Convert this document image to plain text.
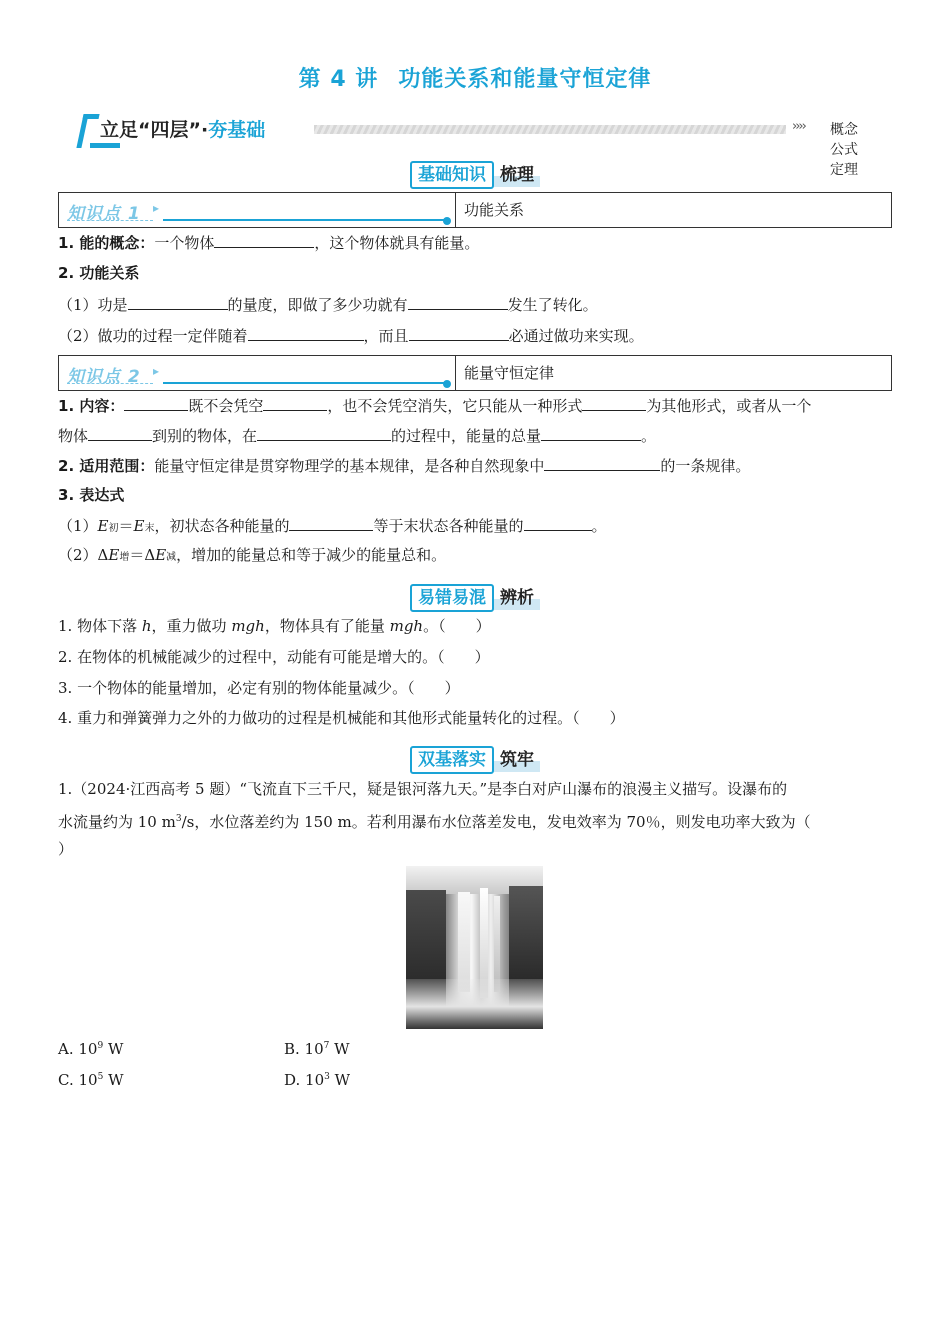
第 4 讲 功能关系和能量守恒定律
立足“四层”·夯基础	›››› 概念公式定理
基础知识 梳理
知识点 1 ▸	功能关系
1. 能的概念：一个物体	，这个物体就具有能量。
2. 功能关系
（1）功是	的量度，即做了多少功就有	发生了转化。
（2）做功的过程一定伴随着	，而且	必通过做功来实现。
知识点 2 ▸	能量守恒定律
1. 内容：	既不会凭空	，也不会凭空消失，它只能从一种形式	为其他形式，或者从一个
物体	到别的物体，在	的过程中，能量的总量	。
2. 适用范围：能量守恒定律是贯穿物理学的基本规律，是各种自然现象中	的一条规律。
3. 表达式
（1）E初＝E末，初状态各种能量的	等于末状态各种能量的	。
（2）ΔE增＝ΔE减，增加的能量总和等于减少的能量总和。
易错易混 辨析
1. 物体下落 h，重力做功 mgh，物体具有了能量 mgh。（　　）
2. 在物体的机械能减少的过程中，动能有可能是增大的。（　　）
3. 一个物体的能量增加，必定有别的物体能量减少。（　　）
4. 重力和弹簧弹力之外的力做功的过程是机械能和其他形式能量转化的过程。（　　）
双基落实 筑牢
1.（2024·江西高考 5 题）“飞流直下三千尺，疑是银河落九天。”是李白对庐山瀑布的浪漫主义描写。设瀑布的
水流量约为 10 $m^3/s$，水位落差约为 150 m。若利用瀑布水位落差发电，发电效率为 70％，则发电功率大致为（
）
A. $10^9$ W	B. $10^7$ W
C. $10^5$ W	D. $10^3$ W
